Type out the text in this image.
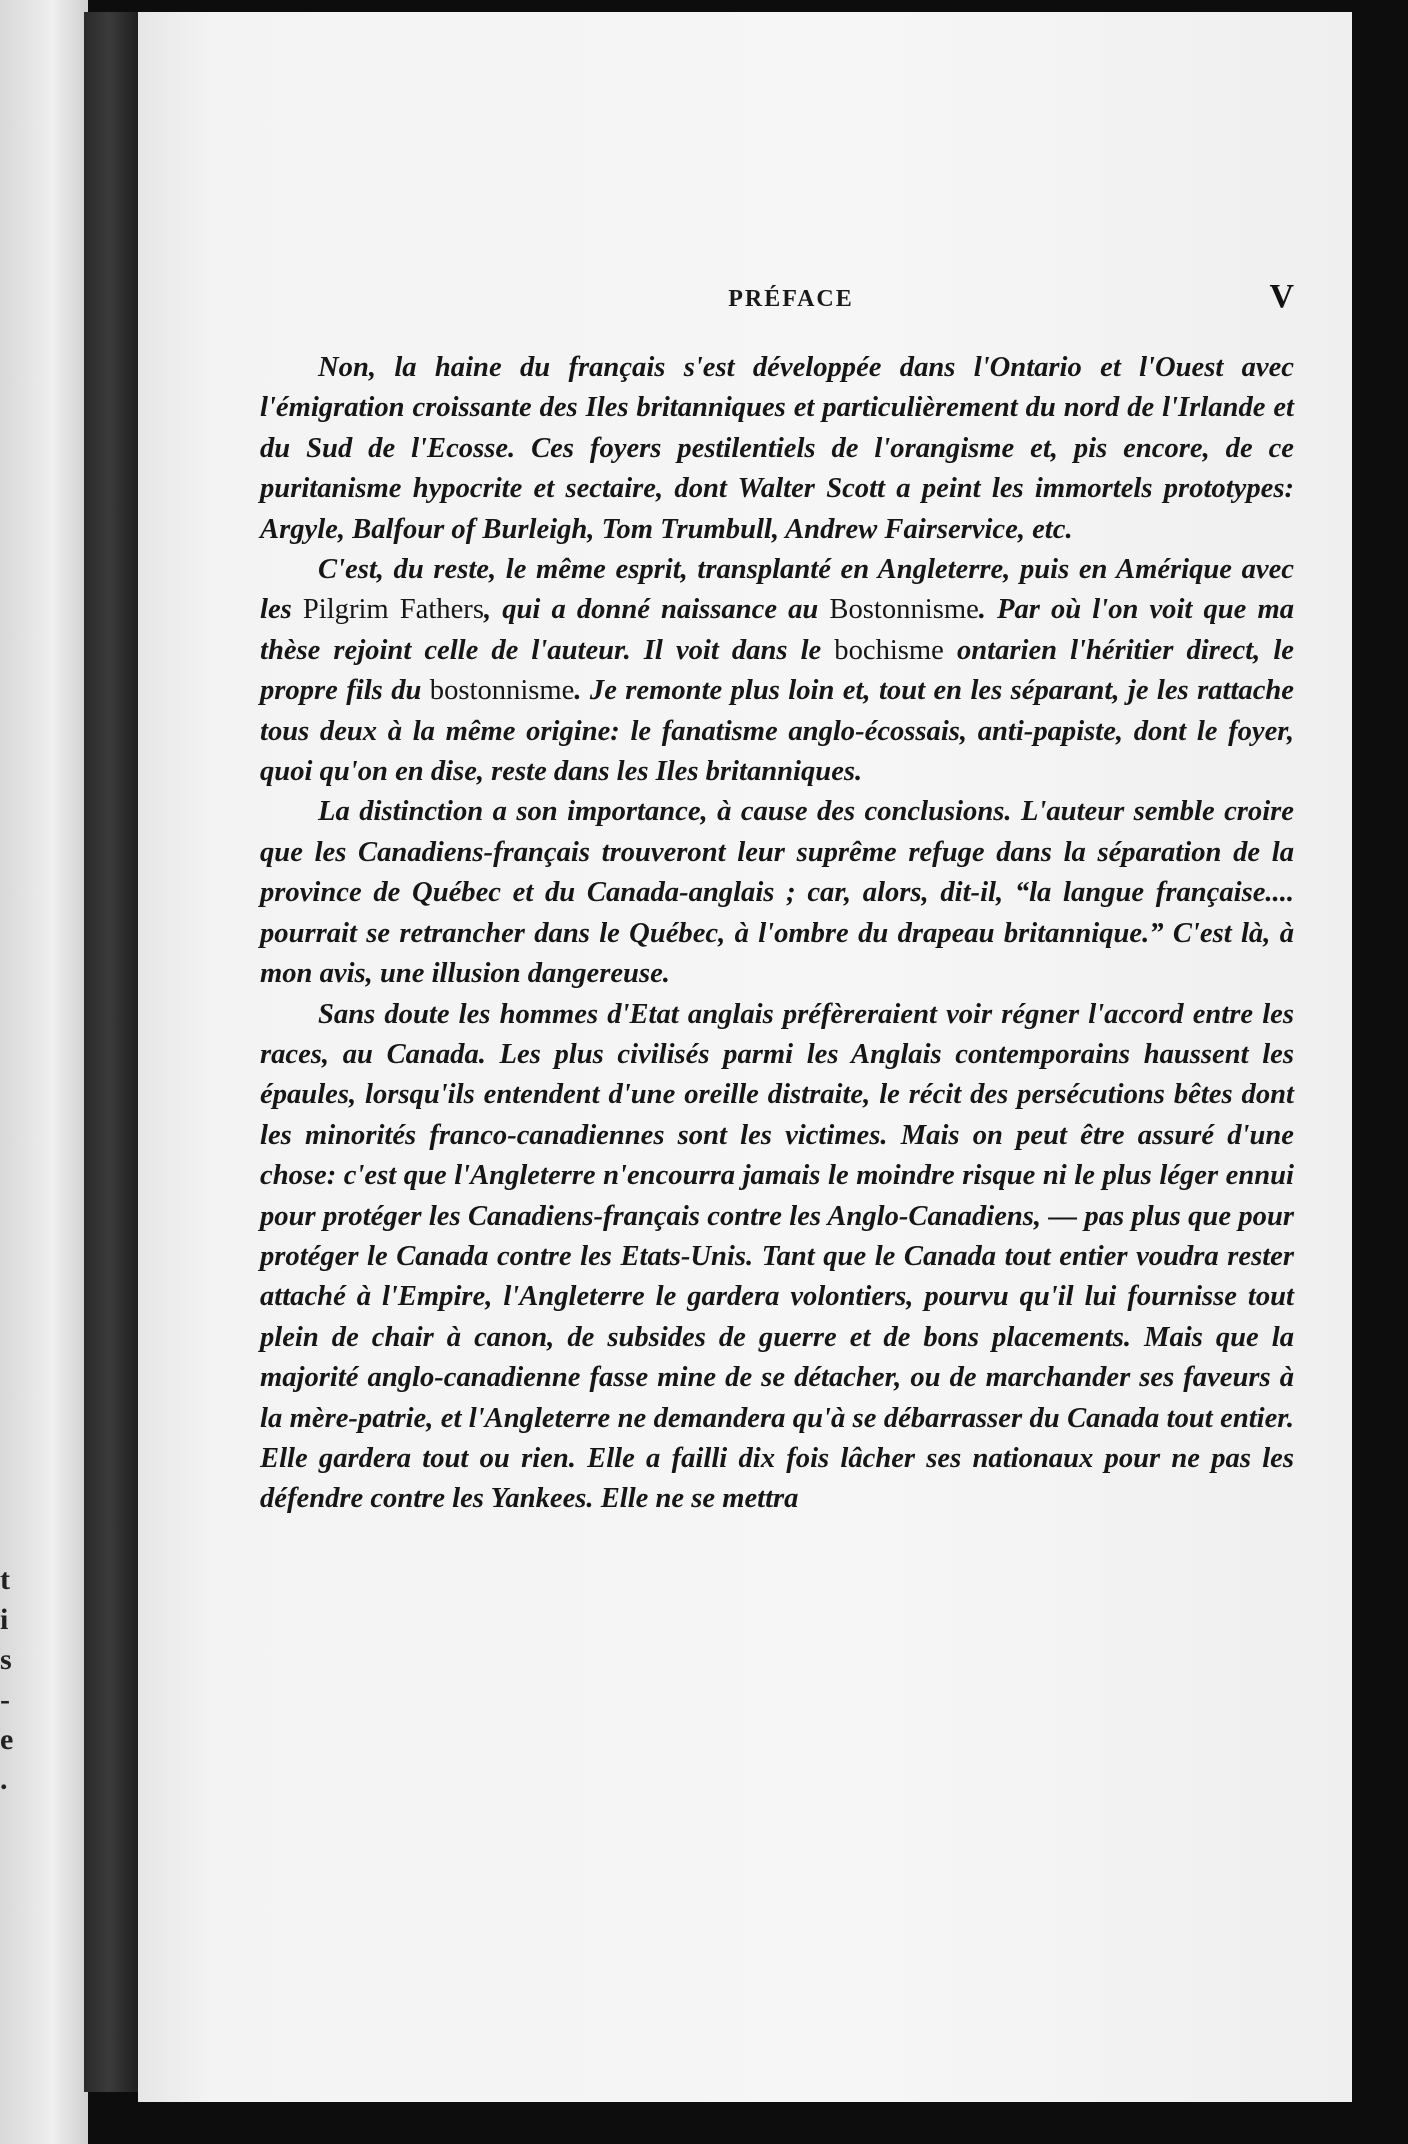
t
i
s
-
e
.
PRÉFACE	V

Non, la haine du français s'est développée dans l'Ontario et l'Ouest avec l'émigration croissante des Iles britanniques et particulièrement du nord de l'Irlande et du Sud de l'Ecosse. Ces foyers pestilentiels de l'orangisme et, pis encore, de ce puritanisme hypocrite et sectaire, dont Walter Scott a peint les immortels prototypes: Argyle, Balfour of Burleigh, Tom Trumbull, Andrew Fairservice, etc.

C'est, du reste, le même esprit, transplanté en Angleterre, puis en Amérique avec les Pilgrim Fathers, qui a donné naissance au Bostonnisme. Par où l'on voit que ma thèse rejoint celle de l'auteur. Il voit dans le bochisme ontarien l'héritier direct, le propre fils du bostonnisme. Je remonte plus loin et, tout en les séparant, je les rattache tous deux à la même origine: le fanatisme anglo-écossais, anti-papiste, dont le foyer, quoi qu'on en dise, reste dans les Iles britanniques.

La distinction a son importance, à cause des conclusions. L'auteur semble croire que les Canadiens-français trouveront leur suprême refuge dans la séparation de la province de Québec et du Canada-anglais ; car, alors, dit-il, “la langue française.... pourrait se retrancher dans le Québec, à l'ombre du drapeau britannique.” C'est là, à mon avis, une illusion dangereuse.

Sans doute les hommes d'Etat anglais préfèreraient voir régner l'accord entre les races, au Canada. Les plus civilisés parmi les Anglais contemporains haussent les épaules, lorsqu'ils entendent d'une oreille distraite, le récit des persécutions bêtes dont les minorités franco-canadiennes sont les victimes. Mais on peut être assuré d'une chose: c'est que l'Angleterre n'encourra jamais le moindre risque ni le plus léger ennui pour protéger les Canadiens-français contre les Anglo-Canadiens, — pas plus que pour protéger le Canada contre les Etats-Unis. Tant que le Canada tout entier voudra rester attaché à l'Empire, l'Angleterre le gardera volontiers, pourvu qu'il lui fournisse tout plein de chair à canon, de subsides de guerre et de bons placements. Mais que la majorité anglo-canadienne fasse mine de se détacher, ou de marchander ses faveurs à la mère-patrie, et l'Angleterre ne demandera qu'à se débarrasser du Canada tout entier. Elle gardera tout ou rien. Elle a failli dix fois lâcher ses nationaux pour ne pas les défendre contre les Yankees. Elle ne se mettra
